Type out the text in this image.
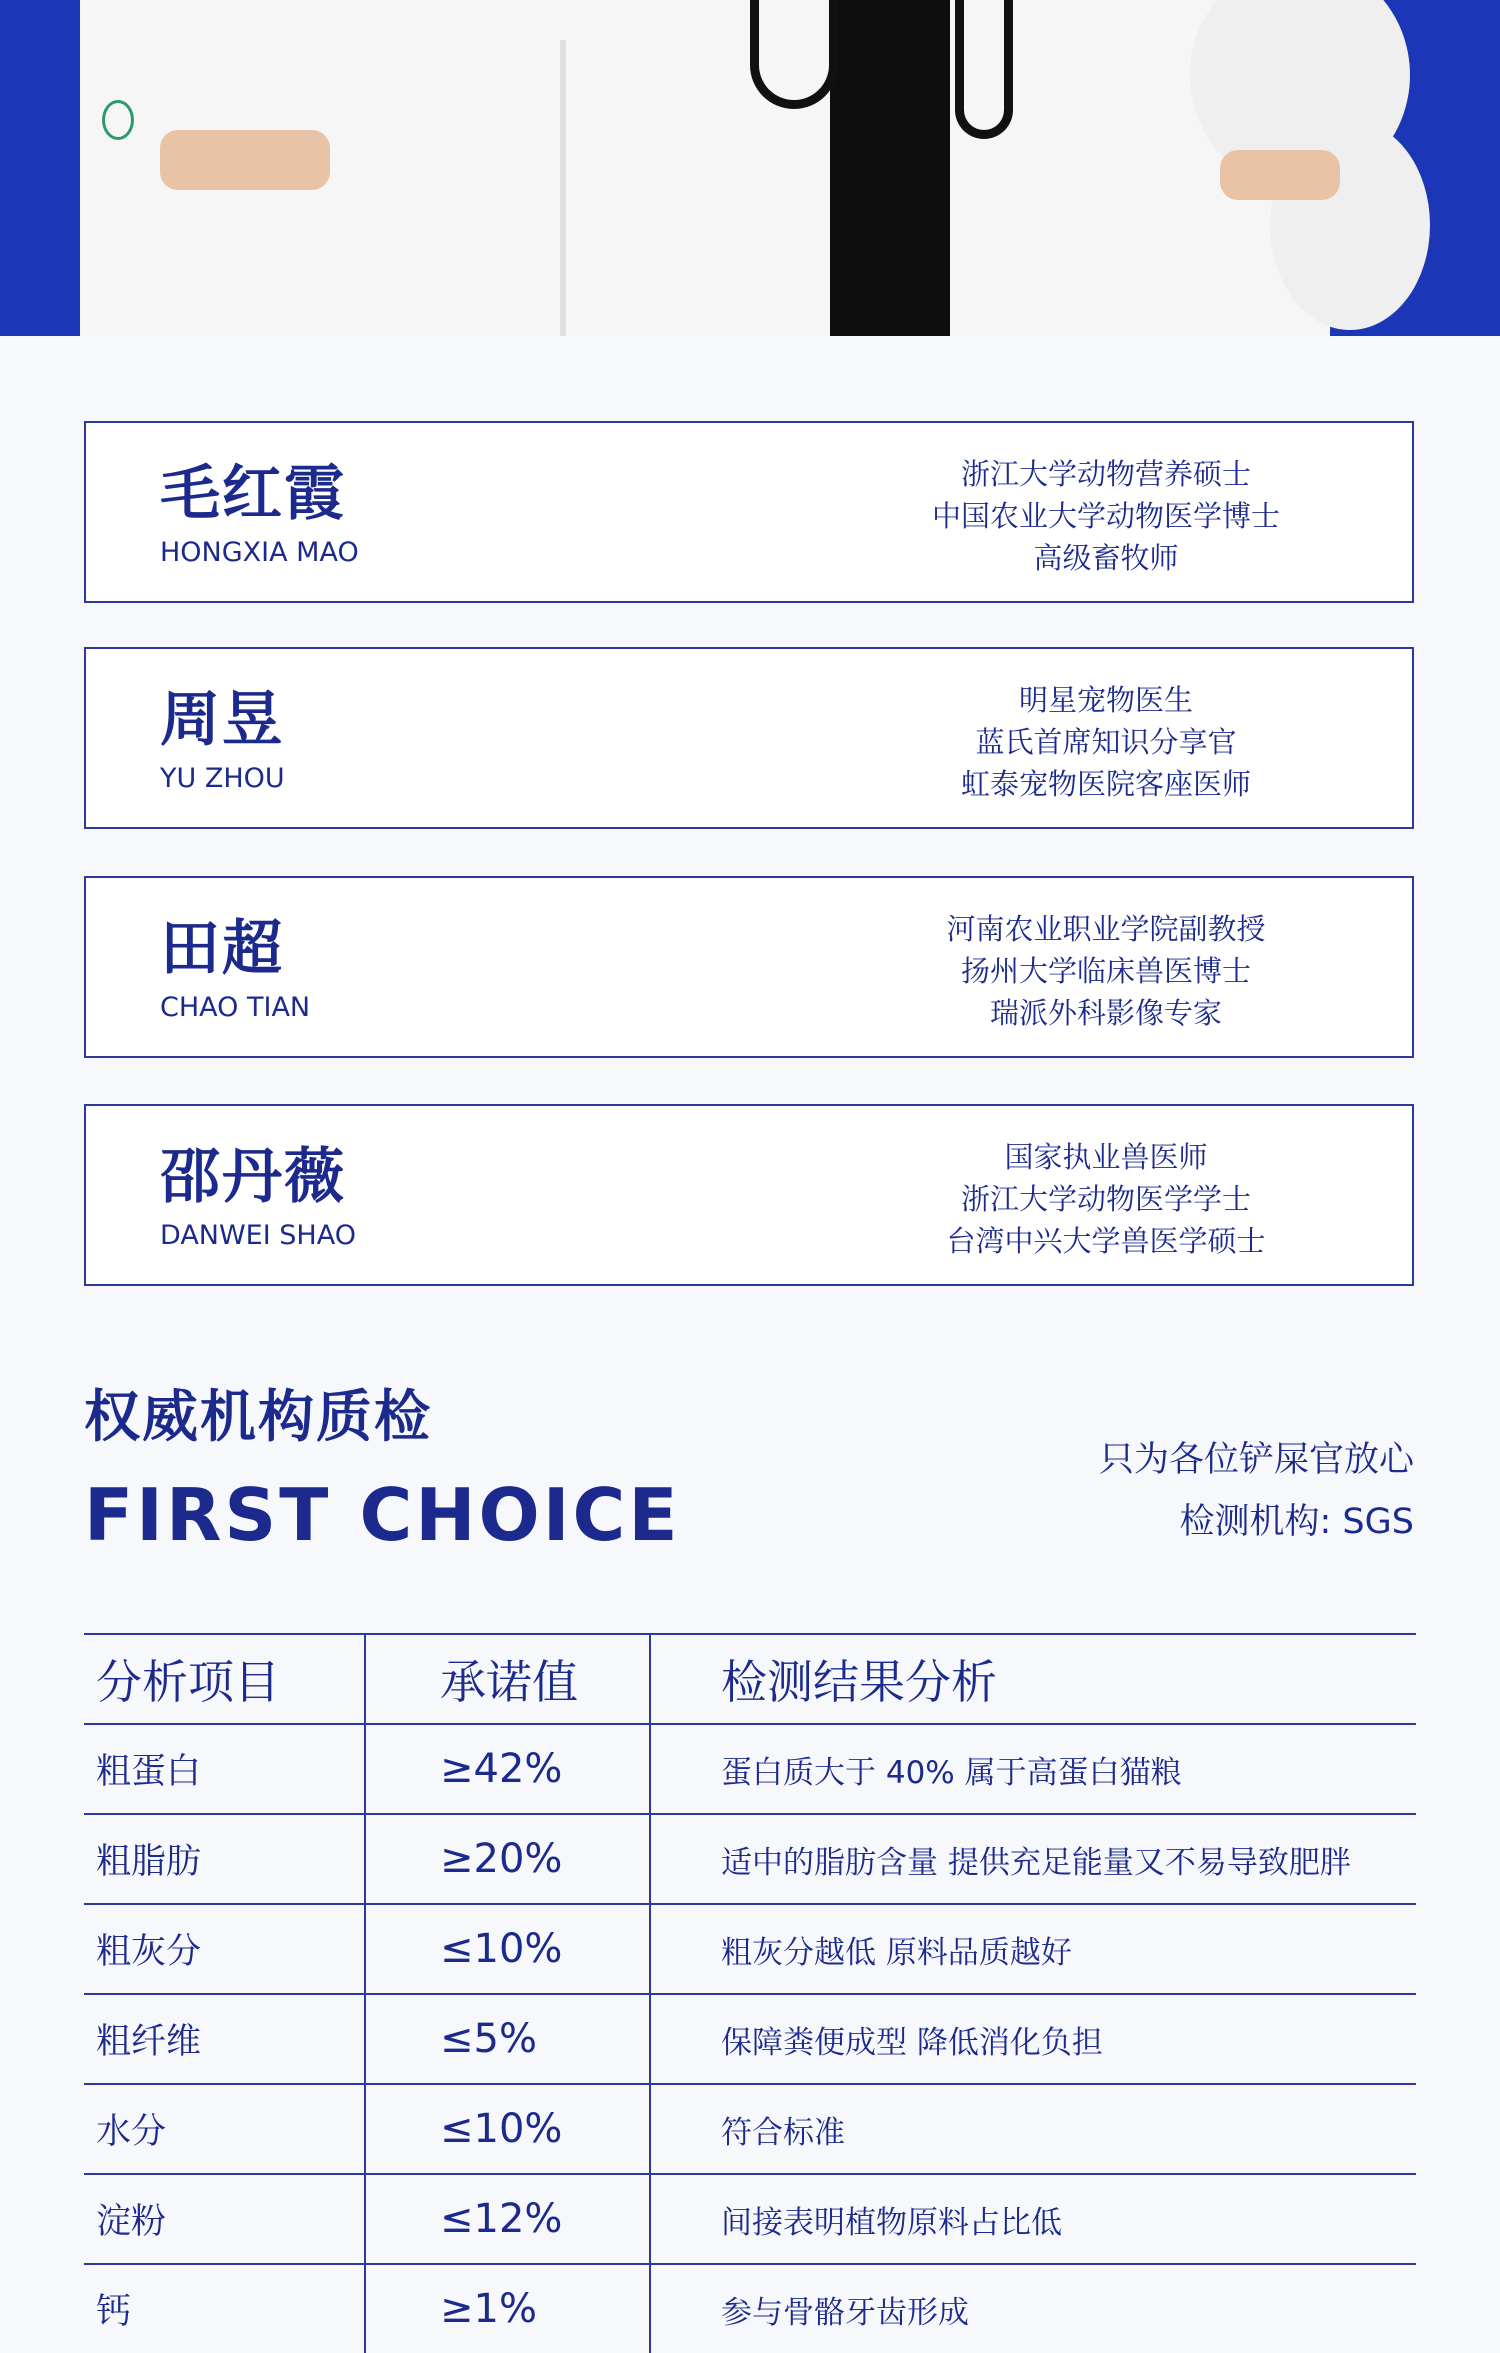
毛红霞
HONGXIA MAO
浙江大学动物营养硕士
中国农业大学动物医学博士
高级畜牧师
周昱
YU ZHOU
明星宠物医生
蓝氏首席知识分享官
虹泰宠物医院客座医师
田超
CHAO TIAN
河南农业职业学院副教授
扬州大学临床兽医博士
瑞派外科影像专家
邵丹薇
DANWEI SHAO
国家执业兽医师
浙江大学动物医学学士
台湾中兴大学兽医学硕士
权威机构质检
FIRST CHOICE
只为各位铲屎官放心
检测机构: SGS
分析项目	承诺值	检测结果分析
粗蛋白	≥42%	蛋白质大于 40% 属于高蛋白猫粮
粗脂肪	≥20%	适中的脂肪含量 提供充足能量又不易导致肥胖
粗灰分	≤10%	粗灰分越低 原料品质越好
粗纤维	≤5%	保障粪便成型 降低消化负担
水分	≤10%	符合标准
淀粉	≤12%	间接表明植物原料占比低
钙	≥1%	参与骨骼牙齿形成
